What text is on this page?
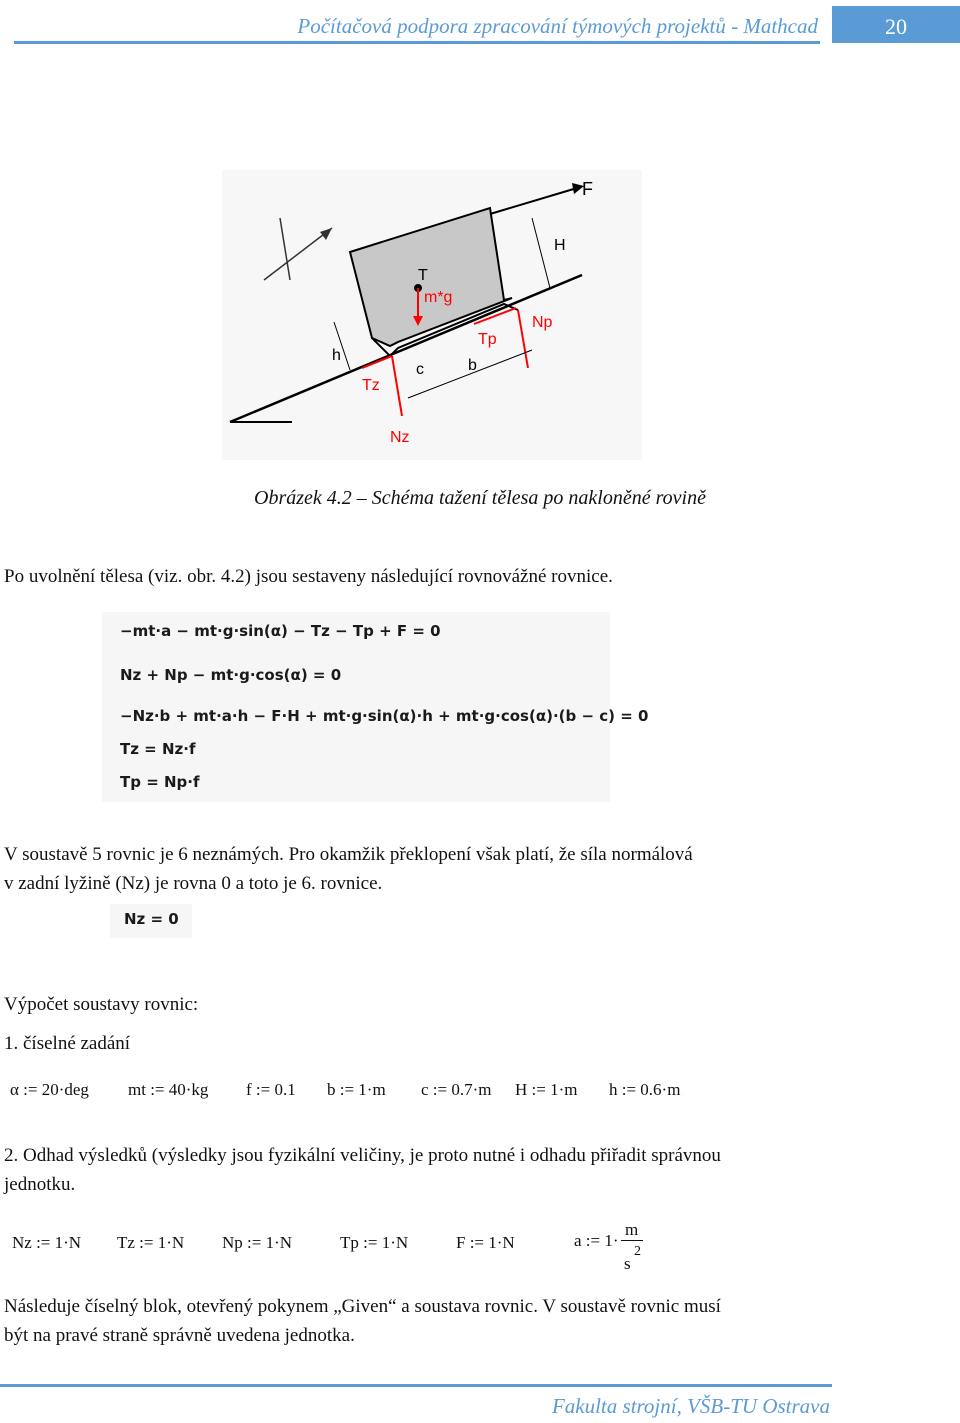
Počítačová podpora zpracování týmových projektů - Mathcad	20
F
H
T
m*g
Np
Tp
h
c	b
Tz
Nz
Obrázek 4.2 – Schéma tažení tělesa po nakloněné rovině
Po uvolnění tělesa (viz. obr. 4.2) jsou sestaveny následující rovnovážné rovnice.
−mt·a − mt·g·sin(α) − Tz − Tp + F = 0
Nz + Np − mt·g·cos(α) = 0
−Nz·b + mt·a·h − F·H + mt·g·sin(α)·h + mt·g·cos(α)·(b − c) = 0
Tz = Nz·f
Tp = Np·f
V soustavě 5 rovnic je 6 neznámých. Pro okamžik překlopení však platí, že síla normálová
v zadní lyžině (Nz) je rovna 0 a toto je 6. rovnice.
Nz = 0
Výpočet soustavy rovnic:
1. číselné zadání
α := 20·deg mt := 40·kg f := 0.1 b := 1·m c := 0.7·m H := 1·m h := 0.6·m
2. Odhad výsledků (výsledky jsou fyzikální veličiny, je proto nutné i odhadu přiřadit správnou
jednotku.
Nz := 1·N Tz := 1·N Np := 1·N	Tp := 1·N	F := 1·N	a := 1·
m
s
2
Následuje číselný blok, otevřený pokynem „Given“ a soustava rovnic. V soustavě rovnic musí
být na pravé straně správně uvedena jednotka.
Fakulta strojní, VŠB-TU Ostrava
